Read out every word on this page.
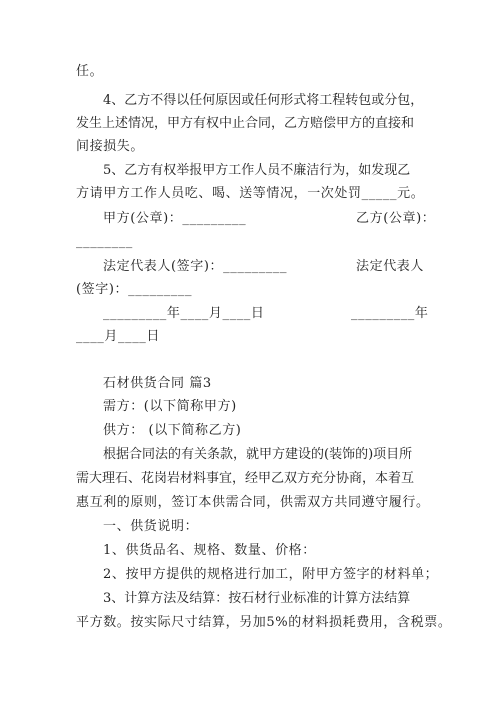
任。
4、乙方不得以任何原因或任何形式将工程转包或分包，
发生上述情况，甲方有权中止合同，乙方赔偿甲方的直接和
间接损失。
5、乙方有权举报甲方工作人员不廉洁行为，如发现乙
方请甲方工作人员吃、喝、送等情况，一次处罚_____元。
甲方(公章)：_________	乙方(公章)：
________
法定代表人(签字)：_________	法定代表人
(签字)：_________
_________年____月____日	_________年
____月____日
石材供货合同 篇3
需方：(以下简称甲方)
供方： (以下简称乙方)
根据合同法的有关条款，就甲方建设的(装饰的)项目所
需大理石、花岗岩材料事宜，经甲乙双方充分协商，本着互
惠互利的原则，签订本供需合同，供需双方共同遵守履行。
一、供货说明：
1、供货品名、规格、数量、价格：
2、按甲方提供的规格进行加工，附甲方签字的材料单；
3、计算方法及结算：按石材行业标准的计算方法结算
平方数。按实际尺寸结算，另加5%的材料损耗费用，含税票。
